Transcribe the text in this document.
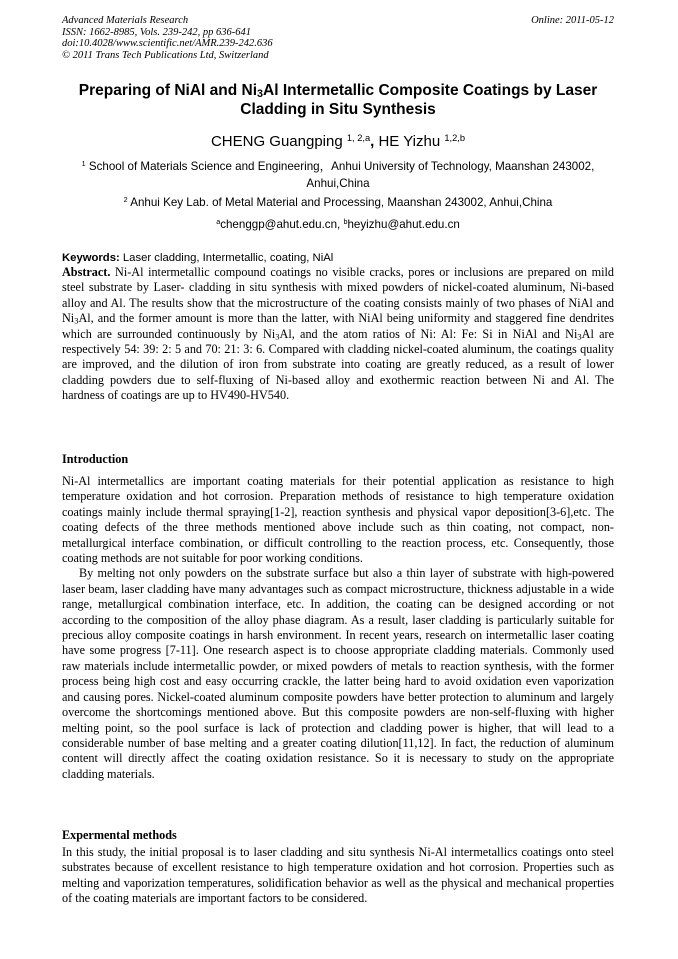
Advanced Materials Research
ISSN: 1662-8985, Vols. 239-242, pp 636-641
doi:10.4028/www.scientific.net/AMR.239-242.636
© 2011 Trans Tech Publications Ltd, Switzerland
Online: 2011-05-12
Preparing of NiAl and $Ni_3Al$ Intermetallic Composite Coatings by Laser Cladding in Situ Synthesis
CHENG Guangping $^{1, 2,a}$, HE Yizhu $^{1,2,b}$
$^1$ School of Materials Science and Engineering，Anhui University of Technology, Maanshan 243002, Anhui,China
$^2$ Anhui Key Lab. of Metal Material and Processing, Maanshan 243002, Anhui,China
$^a$chenggp@ahut.edu.cn, $^b$heyizhu@ahut.edu.cn
Keywords: Laser cladding, Intermetallic, coating, NiAl
Abstract. Ni-Al intermetallic compound coatings no visible cracks, pores or inclusions are prepared on mild steel substrate by Laser- cladding in situ synthesis with mixed powders of nickel-coated aluminum, Ni-based alloy and Al. The results show that the microstructure of the coating consists mainly of two phases of NiAl and $Ni_3Al$, and the former amount is more than the latter, with NiAl being uniformity and staggered fine dendrites which are surrounded continuously by $Ni_3Al$, and the atom ratios of Ni: Al: Fe: Si in NiAl and $Ni_3Al$ are respectively 54: 39: 2: 5 and 70: 21: 3: 6. Compared with cladding nickel-coated aluminum, the coatings quality are improved, and the dilution of iron from substrate into coating are greatly reduced, as a result of lower cladding powders due to self-fluxing of Ni-based alloy and exothermic reaction between Ni and Al. The hardness of coatings are up to HV490-HV540.
Introduction
Ni-Al intermetallics are important coating materials for their potential application as resistance to high temperature oxidation and hot corrosion. Preparation methods of resistance to high temperature oxidation coatings mainly include thermal spraying[1-2], reaction synthesis and physical vapor deposition[3-6],etc. The coating defects of the three methods mentioned above include such as thin coating, not compact, non-metallurgical interface combination, or difficult controlling to the reaction process, etc. Consequently, those coating methods are not suitable for poor working conditions.
By melting not only powders on the substrate surface but also a thin layer of substrate with high-powered laser beam, laser cladding have many advantages such as compact microstructure, thickness adjustable in a wide range, metallurgical combination interface, etc. In addition, the coating can be designed according or not according to the composition of the alloy phase diagram. As a result, laser cladding is particularly suitable for precious alloy composite coatings in harsh environment. In recent years, research on intermetallic laser coating have some progress [7-11]. One research aspect is to choose appropriate cladding materials. Commonly used raw materials include intermetallic powder, or mixed powders of metals to reaction synthesis, with the former process being high cost and easy occurring crackle, the latter being hard to avoid oxidation even vaporization and causing pores. Nickel-coated aluminum composite powders have better protection to aluminum and largely overcome the shortcomings mentioned above. But this composite powders are non-self-fluxing with higher melting point, so the pool surface is lack of protection and cladding power is higher, that will lead to a considerable number of base melting and a greater coating dilution[11,12]. In fact, the reduction of aluminum content will directly affect the coating oxidation resistance. So it is necessary to study on the appropriate cladding materials.
Expermental methods
In this study, the initial proposal is to laser cladding and situ synthesis Ni-Al intermetallics coatings onto steel substrates because of excellent resistance to high temperature oxidation and hot corrosion. Properties such as melting and vaporization temperatures, solidification behavior as well as the physical and mechanical properties of the coating materials are important factors to be considered.
